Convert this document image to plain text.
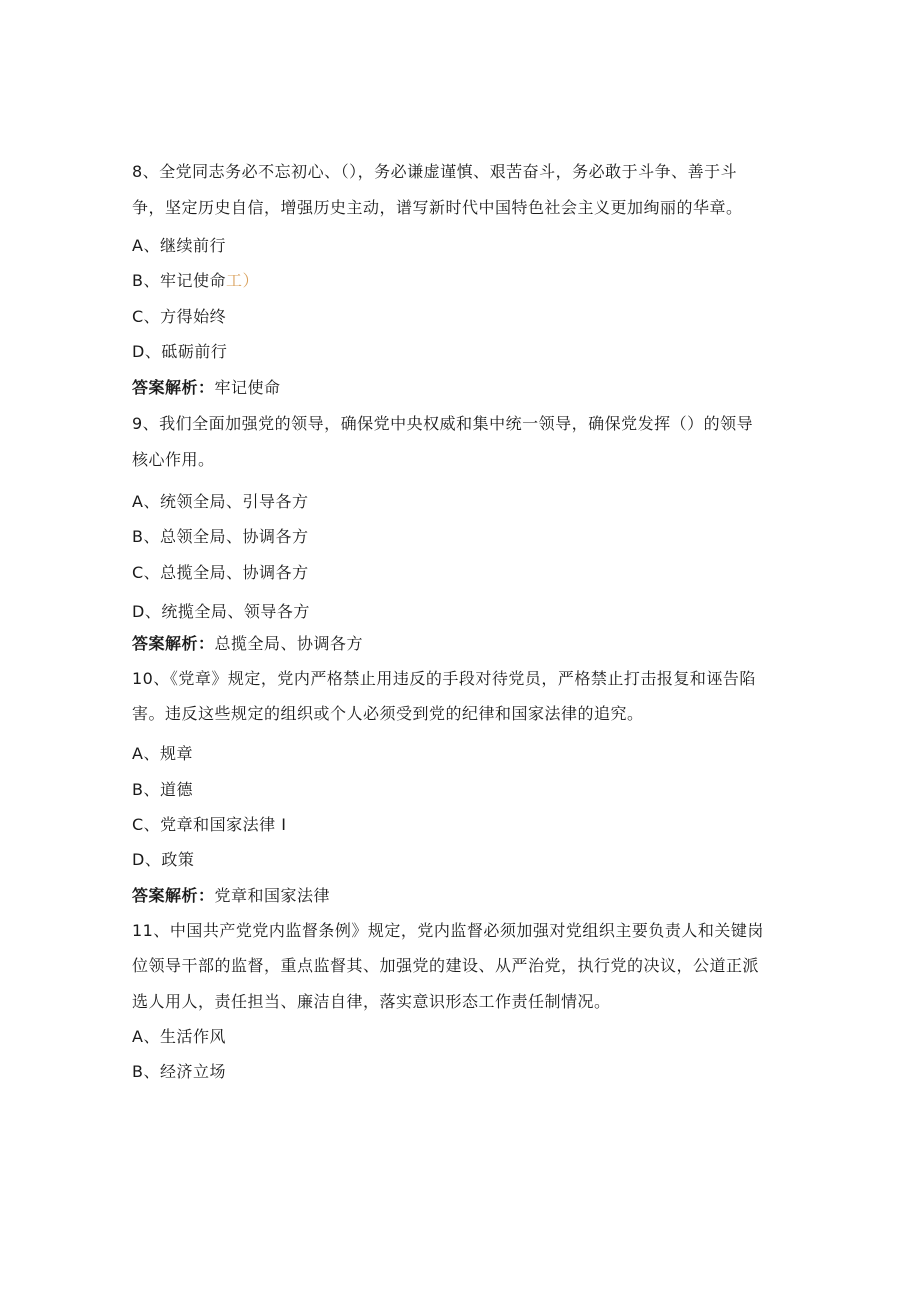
8、全党同志务必不忘初心、（），务必谦虚谨慎、艰苦奋斗，务必敢于斗争、善于斗
争，坚定历史自信，增强历史主动，谱写新时代中国特色社会主义更加绚丽的华章。
A、继续前行
B、牢记使命工）
C、方得始终
D、砥砺前行
答案解析：牢记使命
9、我们全面加强党的领导，确保党中央权威和集中统一领导，确保党发挥（）的领导
核心作用。
A、统领全局、引导各方
B、总领全局、协调各方
C、总揽全局、协调各方
D、统揽全局、领导各方
答案解析：总揽全局、协调各方
10、《党章》规定，党内严格禁止用违反的手段对待党员，严格禁止打击报复和诬告陷
害。违反这些规定的组织或个人必须受到党的纪律和国家法律的追究。
A、规章
B、道德
C、党章和国家法律 I
D、政策
答案解析：党章和国家法律
11、中国共产党党内监督条例》规定，党内监督必须加强对党组织主要负责人和关键岗
位领导干部的监督，重点监督其、加强党的建设、从严治党，执行党的决议，公道正派
选人用人，责任担当、廉洁自律，落实意识形态工作责任制情况。
A、生活作风
B、经济立场
